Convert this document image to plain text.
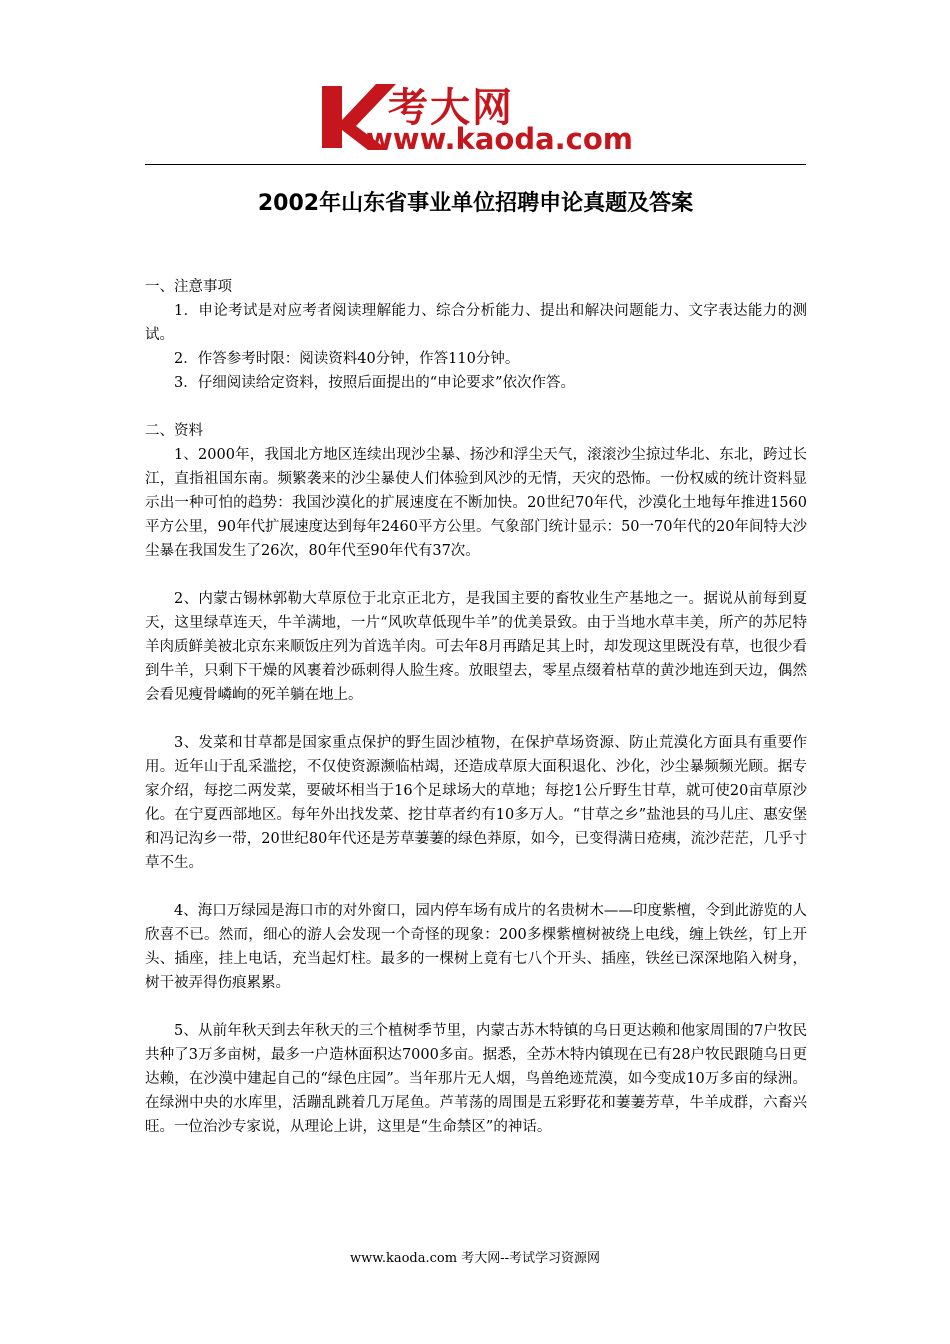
考大网
www.kaoda.com
2002年山东省事业单位招聘申论真题及答案

一、注意事项

1．申论考试是对应考者阅读理解能力、综合分析能力、提出和解决问题能力、文字表达能力的测试。

2．作答参考时限：阅读资料40分钟，作答110分钟。

3．仔细阅读给定资料，按照后面提出的“申论要求”依次作答。

二、资料

1、2000年，我国北方地区连续出现沙尘暴、扬沙和浮尘天气，滚滚沙尘掠过华北、东北，跨过长江，直指祖国东南。频繁袭来的沙尘暴使人们体验到风沙的无情，天灾的恐怖。一份权威的统计资料显示出一种可怕的趋势：我国沙漠化的扩展速度在不断加快。20世纪70年代，沙漠化土地每年推进1560平方公里，90年代扩展速度达到每年2460平方公里。气象部门统计显示：50一70年代的20年间特大沙尘暴在我国发生了26次，80年代至90年代有37次。

2、内蒙古锡林郭勒大草原位于北京正北方，是我国主要的畜牧业生产基地之一。据说从前每到夏天，这里绿草连天，牛羊满地，一片“风吹草低现牛羊”的优美景致。由于当地水草丰美，所产的苏尼特羊肉质鲜美被北京东来顺饭庄列为首选羊肉。可去年8月再踏足其上时，却发现这里既没有草，也很少看到牛羊，只剩下干燥的风裹着沙砾刺得人脸生疼。放眼望去，零星点缀着枯草的黄沙地连到天边，偶然会看见瘦骨嶙峋的死羊躺在地上。

3、发菜和甘草都是国家重点保护的野生固沙植物，在保护草场资源、防止荒漠化方面具有重要作用。近年山于乱采滥挖，不仅使资源濒临枯竭，还造成草原大面积退化、沙化，沙尘暴频频光顾。据专家介绍，每挖二两发菜，要破坏相当于16个足球场大的草地；每挖1公斤野生甘草，就可使20亩草原沙化。在宁夏西部地区。每年外出找发菜、挖甘草者约有10多万人。“甘草之乡”盐池县的马儿庄、惠安堡和冯记沟乡一带，20世纪80年代还是芳草萋萋的绿色莽原，如今，已变得满日疮痍，流沙茫茫，几乎寸草不生。

4、海口万绿园是海口市的对外窗口，园内停车场有成片的名贵树木——印度紫檀，令到此游览的人欣喜不已。然而，细心的游人会发现一个奇怪的现象：200多棵紫檀树被绕上电线，缠上铁丝，钉上开头、插座，挂上电话，充当起灯柱。最多的一棵树上竟有七八个开头、插座，铁丝已深深地陷入树身，树干被弄得伤痕累累。

5、从前年秋天到去年秋天的三个植树季节里，内蒙古苏木特镇的乌日更达赖和他家周围的7户牧民共种了3万多亩树，最多一户造林面积达7000多亩。据悉，全苏木特内镇现在已有28户牧民跟随乌日更达赖，在沙漠中建起自己的“绿色庄园”。当年那片无人烟，鸟兽绝迹荒漠，如今变成10万多亩的绿洲。在绿洲中央的水库里，活蹦乱跳着几万尾鱼。芦苇荡的周围是五彩野花和萋萋芳草，牛羊成群，六畜兴旺。一位治沙专家说，从理论上讲，这里是“生命禁区”的神话。

www.kaoda.com 考大网--考试学习资源网
